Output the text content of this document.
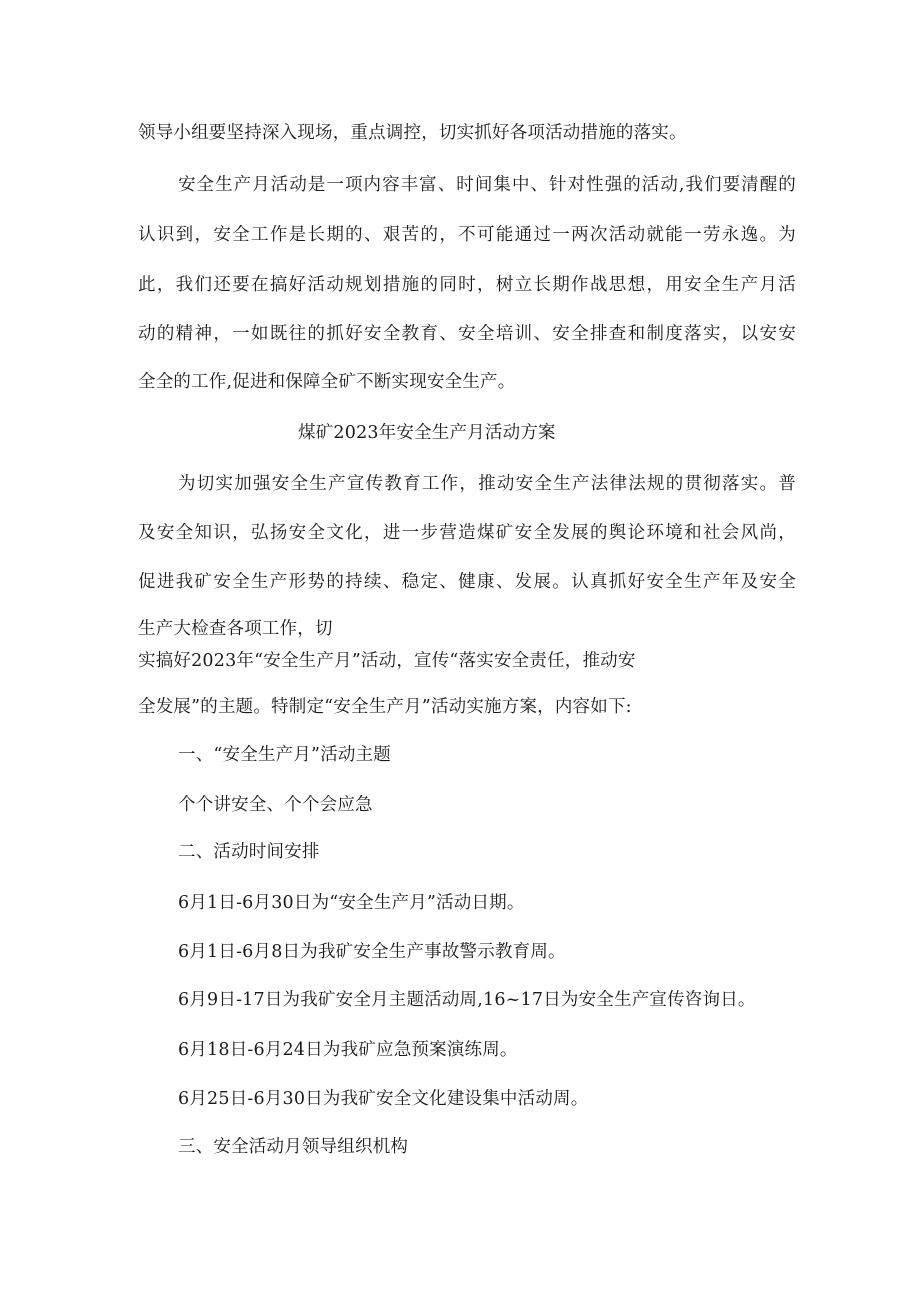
领导小组要坚持深入现场，重点调控，切实抓好各项活动措施的落实。
安全生产月活动是一项内容丰富、时间集中、针对性强的活动,我们要清醒的
认识到，安全工作是长期的、艰苦的，不可能通过一两次活动就能一劳永逸。为
此，我们还要在搞好活动规划措施的同时，树立长期作战思想，用安全生产月活
动的精神，一如既往的抓好安全教育、安全培训、安全排查和制度落实，以安安
全全的工作,促进和保障全矿不断实现安全生产。
煤矿2023年安全生产月活动方案
为切实加强安全生产宣传教育工作，推动安全生产法律法规的贯彻落实。普
及安全知识，弘扬安全文化，进一步营造煤矿安全发展的舆论环境和社会风尚，
促进我矿安全生产形势的持续、稳定、健康、发展。认真抓好安全生产年及安全
生产大检查各项工作，切
实搞好2023年“安全生产月”活动，宣传“落实安全责任，推动安
全发展”的主题。特制定“安全生产月”活动实施方案，内容如下:
一、“安全生产月”活动主题
个个讲安全、个个会应急
二、活动时间安排
6月1日-6月30日为“安全生产月”活动日期。
6月1日-6月8日为我矿安全生产事故警示教育周。
6月9日-17日为我矿安全月主题活动周,16~17日为安全生产宣传咨询日。
6月18日-6月24日为我矿应急预案演练周。
6月25日-6月30日为我矿安全文化建设集中活动周。
三、安全活动月领导组织机构
